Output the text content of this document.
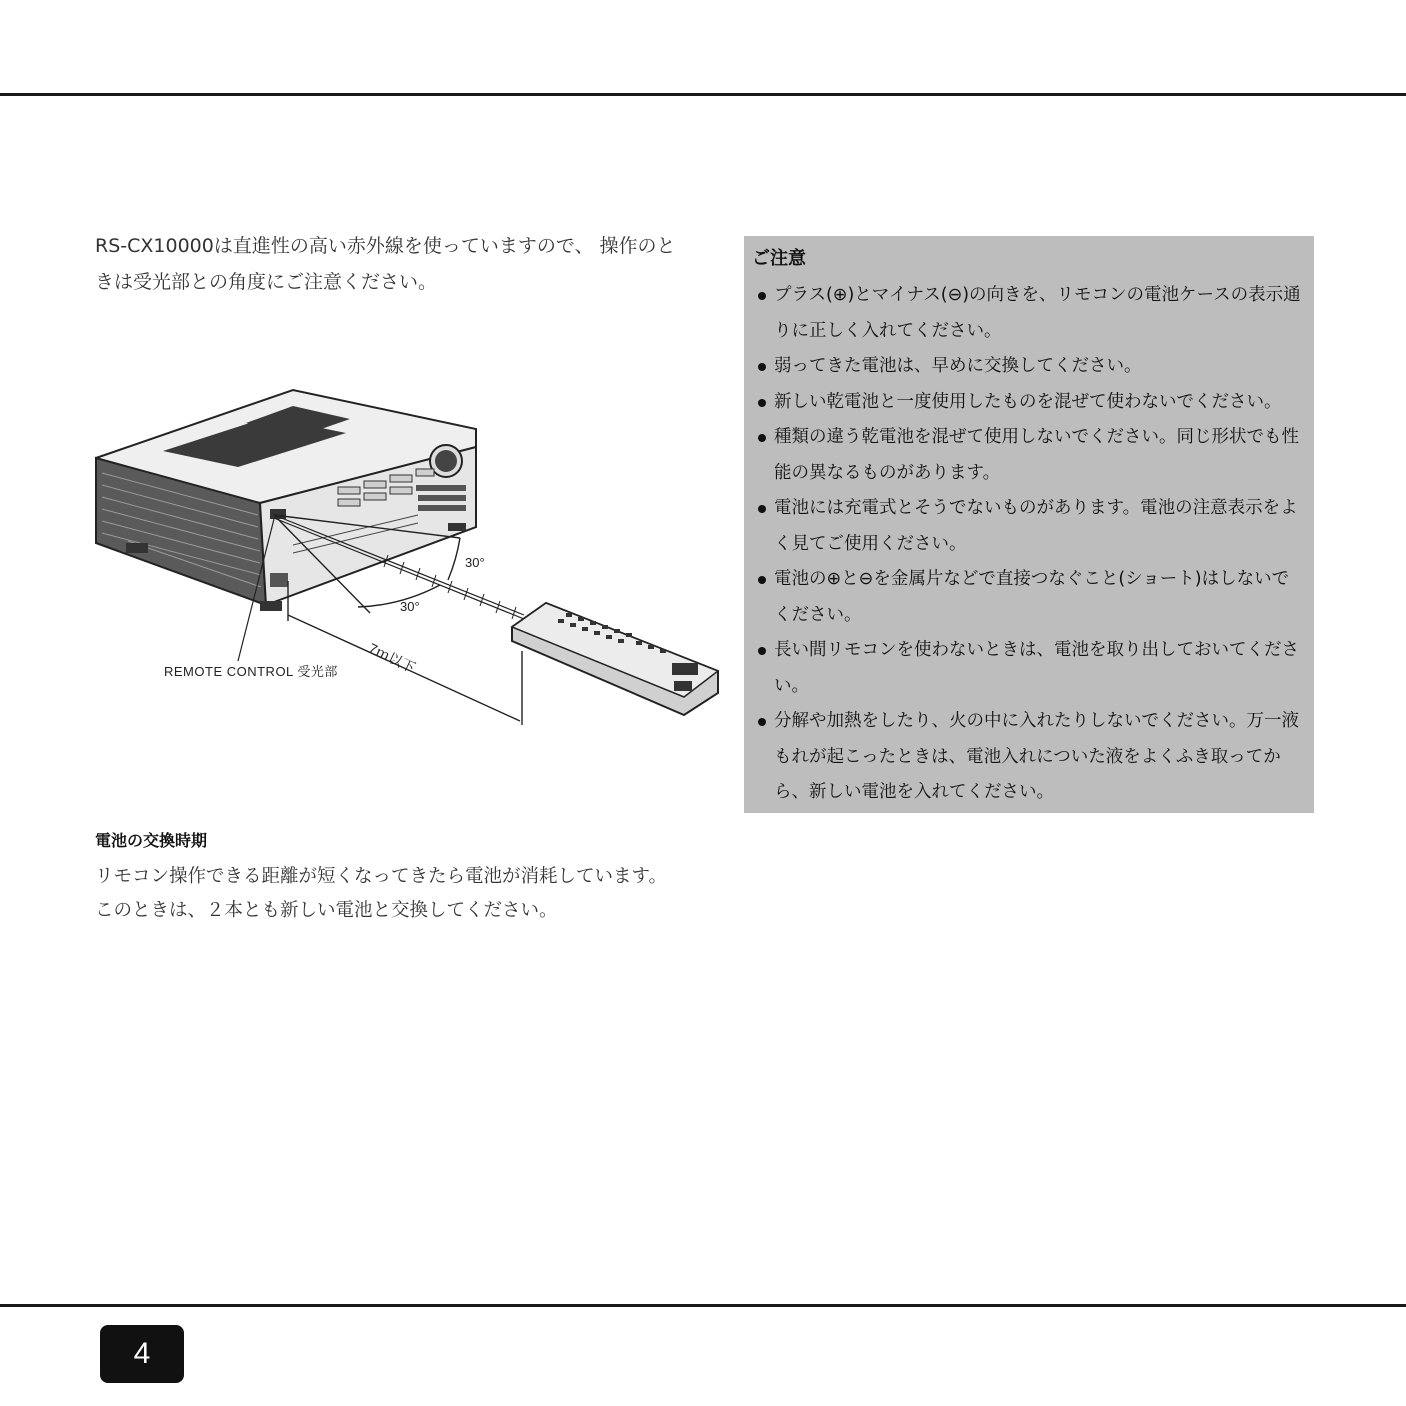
RS-CX10000は直進性の高い赤外線を使っていますので、 操作のと
きは受光部との角度にご注意ください。

30°
30°
7ｍ以下
REMOTE CONTROL 受光部
ご注意
プラス(⊕)とマイナス(⊖)の向きを、リモコンの電池ケースの表示通りに正しく入れてください。
弱ってきた電池は、早めに交換してください。
新しい乾電池と一度使用したものを混ぜて使わないでください。
種類の違う乾電池を混ぜて使用しないでください。同じ形状でも性能の異なるものがあります。
電池には充電式とそうでないものがあります。電池の注意表示をよく見てご使用ください。
電池の⊕と⊖を金属片などで直接つなぐこと(ショート)はしないでください。
長い間リモコンを使わないときは、電池を取り出しておいてください。
分解や加熱をしたり、火の中に入れたりしないでください。万一液もれが起こったときは、電池入れについた液をよくふき取ってから、新しい電池を入れてください。
電池の交換時期

リモコン操作できる距離が短くなってきたら電池が消耗しています。
このときは、２本とも新しい電池と交換してください。

4
